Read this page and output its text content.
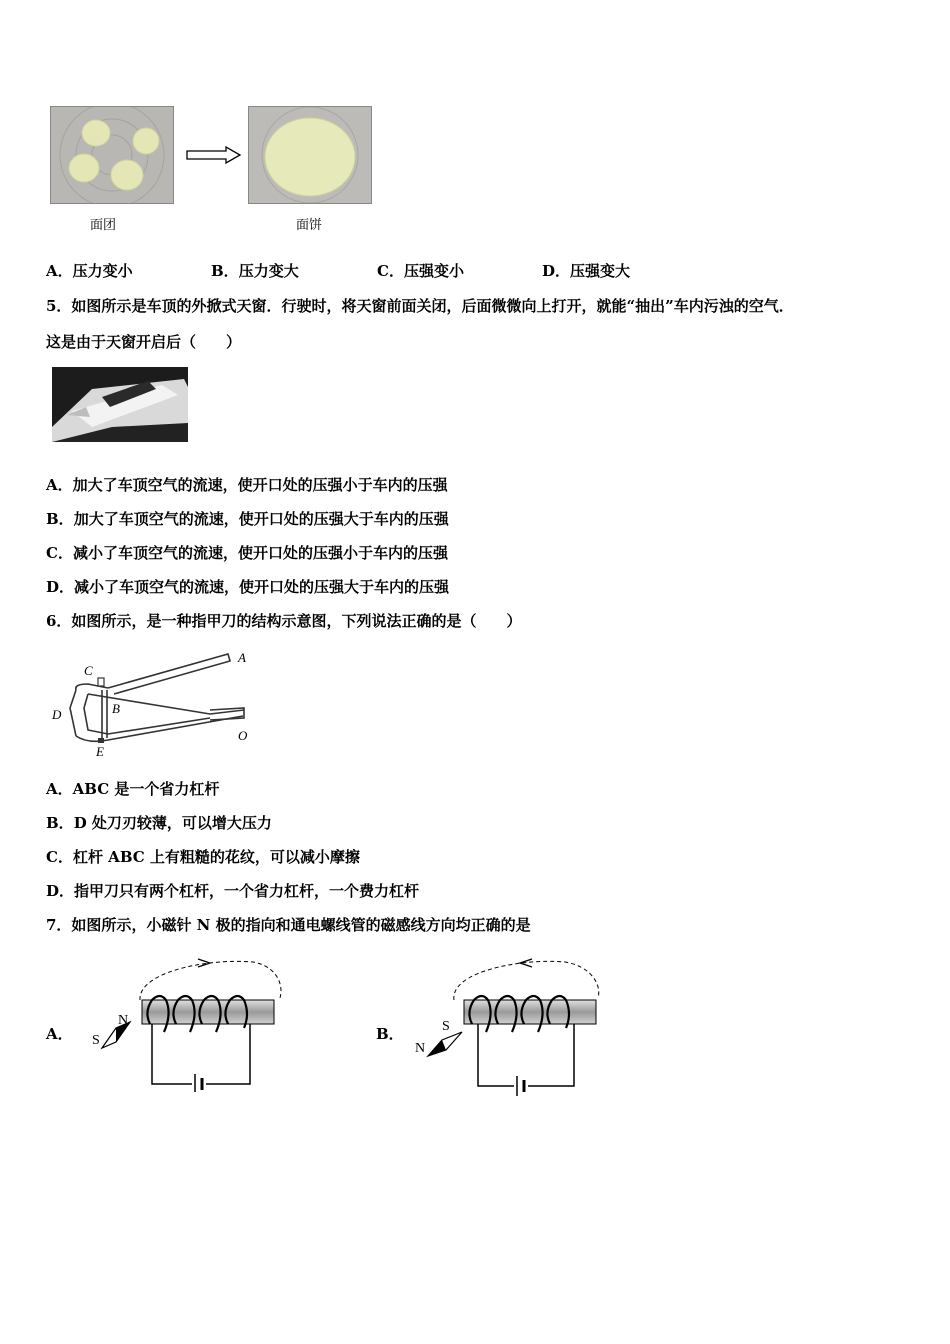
面团	面饼
A．压力变小	B．压力变大	C．压强变小	D．压强变大
5．如图所示是车顶的外掀式天窗．行驶时，将天窗前面关闭，后面微微向上打开，就能“抽出”车内污浊的空气．
这是由于天窗开启后（　　）
A．加大了车顶空气的流速，使开口处的压强小于车内的压强
B．加大了车顶空气的流速，使开口处的压强大于车内的压强
C．减小了车顶空气的流速，使开口处的压强小于车内的压强
D．减小了车顶空气的流速，使开口处的压强大于车内的压强
6．如图所示，是一种指甲刀的结构示意图，下列说法正确的是（　　）
A
B
C
D
E
O
A．ABC 是一个省力杠杆
B．D 处刀刃较薄，可以增大压力
C．杠杆 ABC 上有粗糙的花纹，可以减小摩擦
D．指甲刀只有两个杠杆，一个省力杠杆，一个费力杠杆
7．如图所示，小磁针 N 极的指向和通电螺线管的磁感线方向均正确的是
A．
N
S	B．	S
N
